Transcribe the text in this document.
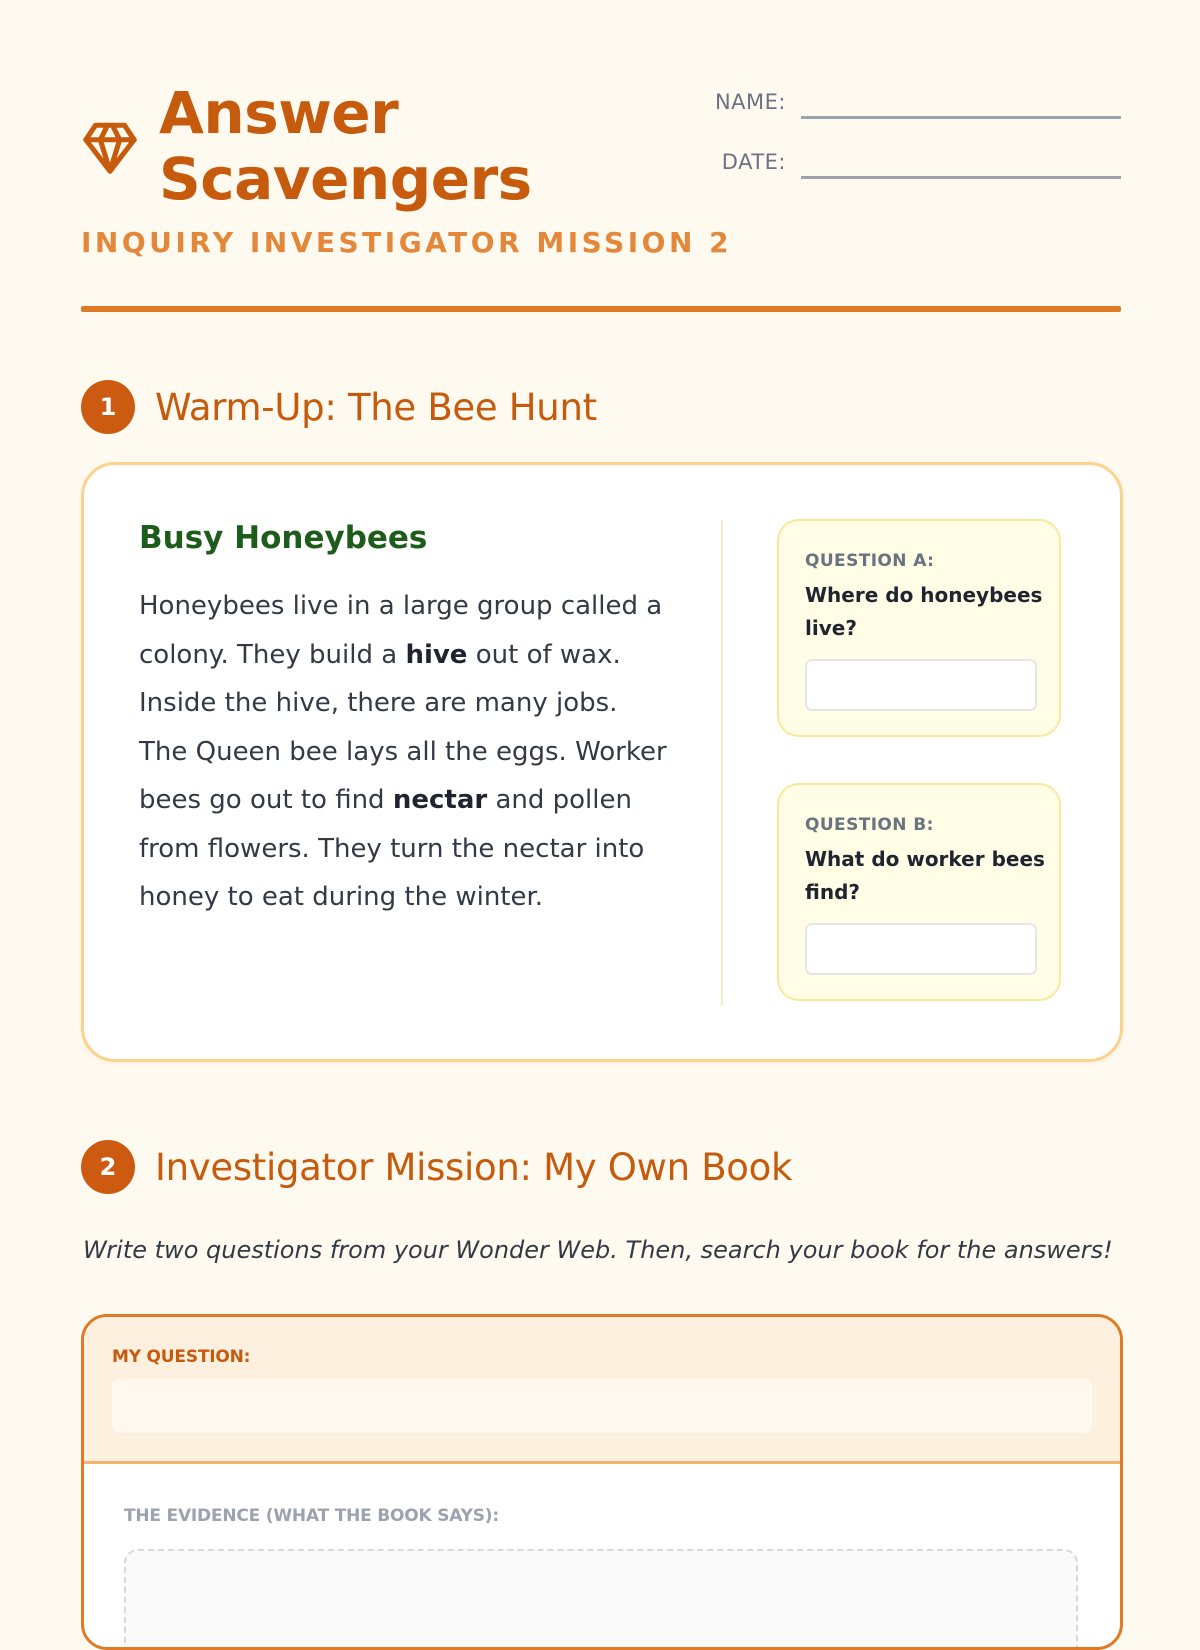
Answer Scavengers
INQUIRY INVESTIGATOR MISSION 2
NAME:
DATE:
1	Warm-Up: The Bee Hunt
Busy Honeybees

Honeybees live in a large group called a colony. They build a hive out of wax. Inside the hive, there are many jobs. The Queen bee lays all the eggs. Worker bees go out to find nectar and pollen from flowers. They turn the nectar into honey to eat during the winter.

QUESTION A:
Where do honeybees live?
QUESTION B:
What do worker bees find?
2	Investigator Mission: My Own Book

Write two questions from your Wonder Web. Then, search your book for the answers!

MY QUESTION:
THE EVIDENCE (WHAT THE BOOK SAYS):
